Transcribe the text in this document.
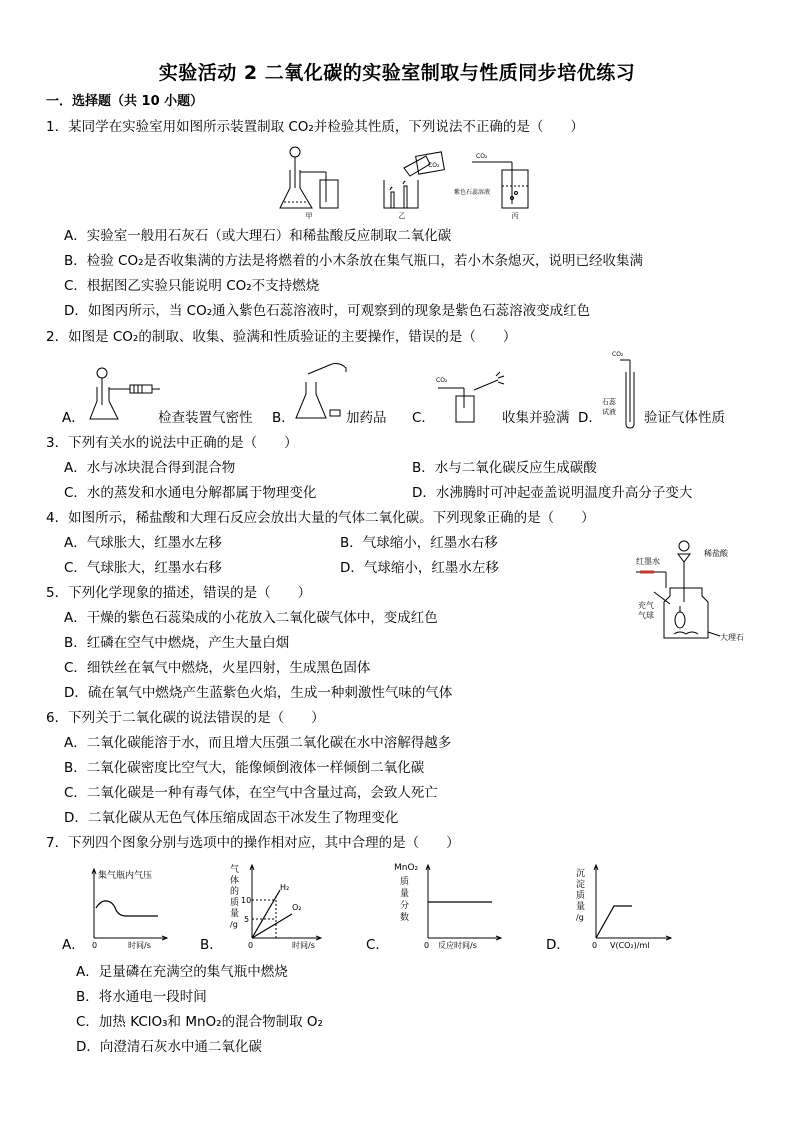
实验活动 2 二氧化碳的实验室制取与性质同步培优练习
一．选择题（共 10 小题）
1．某同学在实验室用如图所示装置制取 CO₂并检验其性质，下列说法不正确的是（　　）
甲
CO₂
乙
CO₂
紫色石蕊溶液
丙
A．实验室一般用石灰石（或大理石）和稀盐酸反应制取二氧化碳
B．检验 CO₂是否收集满的方法是将燃着的小木条放在集气瓶口，若小木条熄灭，说明已经收集满
C．根据图乙实验只能说明 CO₂不支持燃烧
D．如图丙所示，当 CO₂通入紫色石蕊溶液时，可观察到的现象是紫色石蕊溶液变成红色
2．如图是 CO₂的制取、收集、验满和性质验证的主要操作，错误的是（　　）
A．	检查装置气密性 B．	加药品
CO₂
C．	收集并验满
CO₂
石蕊
试液
D．	验证气体性质
3．下列有关水的说法中正确的是（　　）
A．水与冰块混合得到混合物	B．水与二氧化碳反应生成碳酸
C．水的蒸发和水通电分解都属于物理变化	D．水沸腾时可冲起壶盖说明温度升高分子变大
4．如图所示，稀盐酸和大理石反应会放出大量的气体二氧化碳。下列现象正确的是（　　）
A．气球胀大，红墨水左移	B．气球缩小，红墨水右移
C．气球胀大，红墨水右移	D．气球缩小，红墨水左移	红墨水
稀盐酸
充气
气球
大理石
5．下列化学现象的描述，错误的是（　　）
A．干燥的紫色石蕊染成的小花放入二氧化碳气体中，变成红色
B．红磷在空气中燃烧，产生大量白烟
C．细铁丝在氧气中燃烧，火星四射，生成黑色固体
D．硫在氧气中燃烧产生蓝紫色火焰，生成一种刺激性气味的气体
6．下列关于二氧化碳的说法错误的是（　　）
A．二氧化碳能溶于水，而且增大压强二氧化碳在水中溶解得越多
B．二氧化碳密度比空气大，能像倾倒液体一样倾倒二氧化碳
C．二氧化碳是一种有毒气体，在空气中含量过高，会致人死亡
D．二氧化碳从无色气体压缩成固态干冰发生了物理变化
7．下列四个图象分别与选项中的操作相对应，其中合理的是（　　）
A．
集气瓶内气压
0	时间/s	B．
气
体
的
质
量
/g
10
5
H₂
O₂
0	时间/s	C．
MnO₂
质
量
分
数
0 反应时间/s	D．
沉
淀
质
量
/g
0 V(CO₂)/ml
A．足量磷在充满空的集气瓶中燃烧
B．将水通电一段时间
C．加热 KClO₃和 MnO₂的混合物制取 O₂
D．向澄清石灰水中通二氧化碳
